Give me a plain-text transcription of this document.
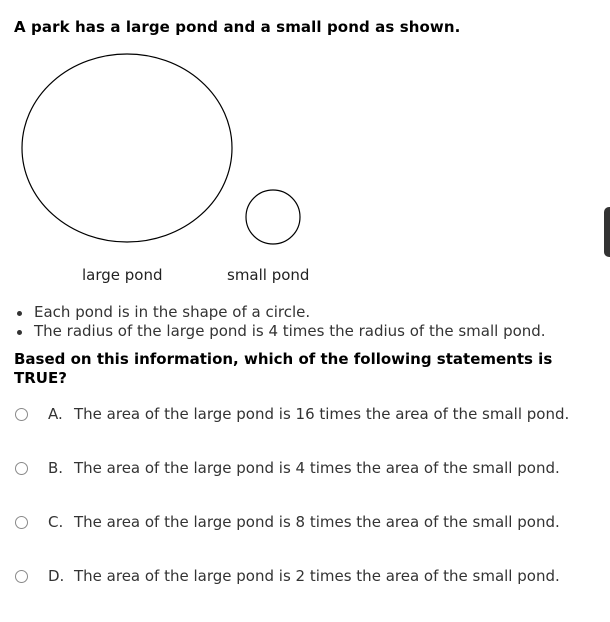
A park has a large pond and a small pond as shown.

large pond	small pond
Each pond is in the shape of a circle.
The radius of the large pond is 4 times the radius of the small pond.

Based on this information, which of the following statements is TRUE?

A. The area of the large pond is 16 times the area of the small pond.
B. The area of the large pond is 4 times the area of the small pond.
C. The area of the large pond is 8 times the area of the small pond.
D. The area of the large pond is 2 times the area of the small pond.
